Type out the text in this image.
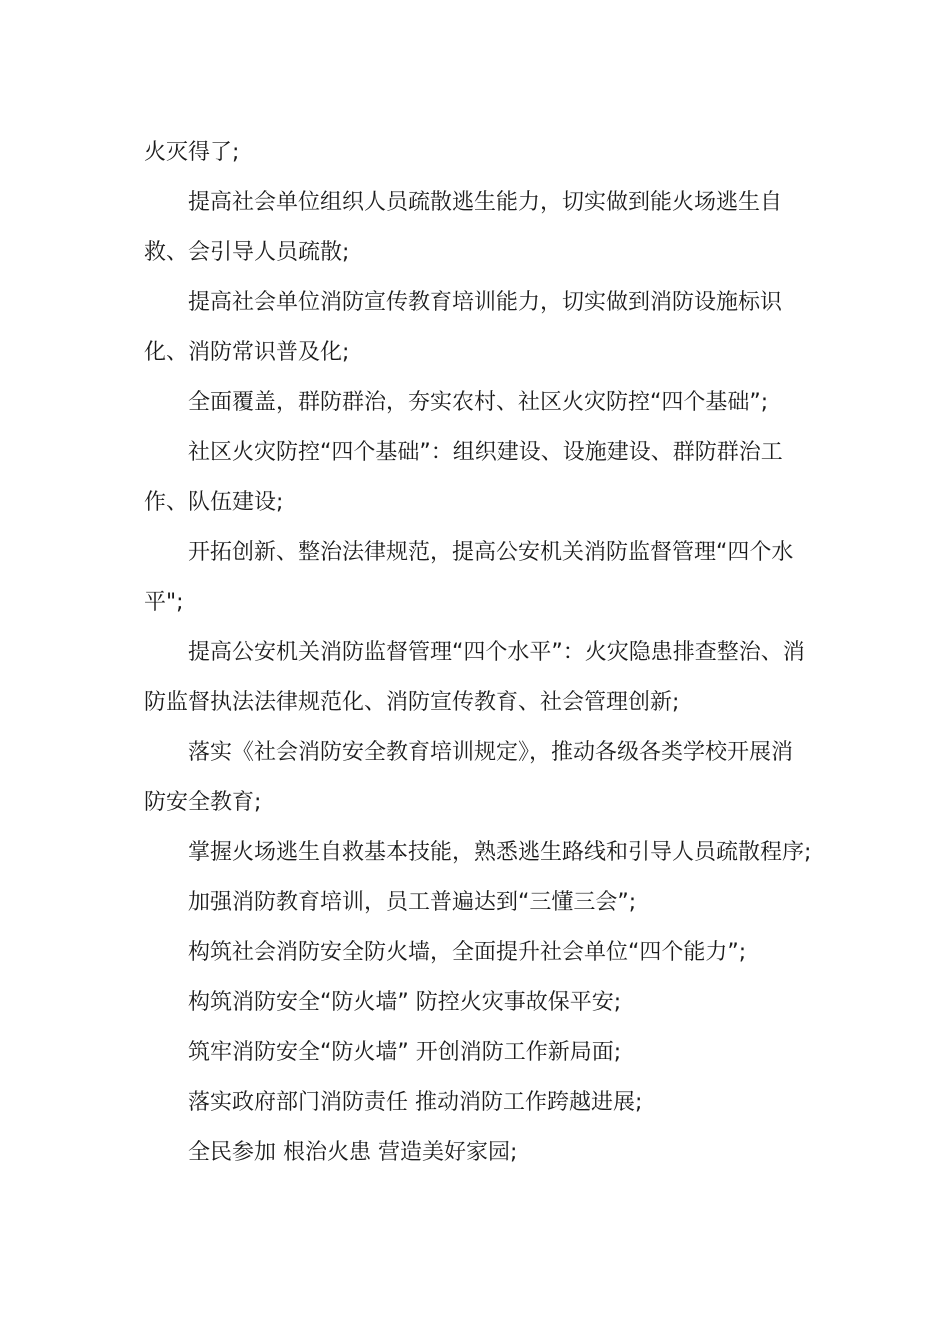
火灭得了;

提高社会单位组织人员疏散逃生能力，切实做到能火场逃生自救、会引导人员疏散;

提高社会单位消防宣传教育培训能力，切实做到消防设施标识化、消防常识普及化;

全面覆盖，群防群治，夯实农村、社区火灾防控“四个基础”;

社区火灾防控“四个基础”：组织建设、设施建设、群防群治工作、队伍建设;

开拓创新、整治法律规范，提高公安机关消防监督管理“四个水平";

提高公安机关消防监督管理“四个水平”：火灾隐患排查整治、消防监督执法法律规范化、消防宣传教育、社会管理创新;

落实《社会消防安全教育培训规定》，推动各级各类学校开展消防安全教育;

掌握火场逃生自救基本技能，熟悉逃生路线和引导人员疏散程序;

加强消防教育培训，员工普遍达到“三懂三会”;

构筑社会消防安全防火墙，全面提升社会单位“四个能力”;

构筑消防安全“防火墙” 防控火灾事故保平安;

筑牢消防安全“防火墙” 开创消防工作新局面;

落实政府部门消防责任 推动消防工作跨越进展;

全民参加 根治火患 营造美好家园;
